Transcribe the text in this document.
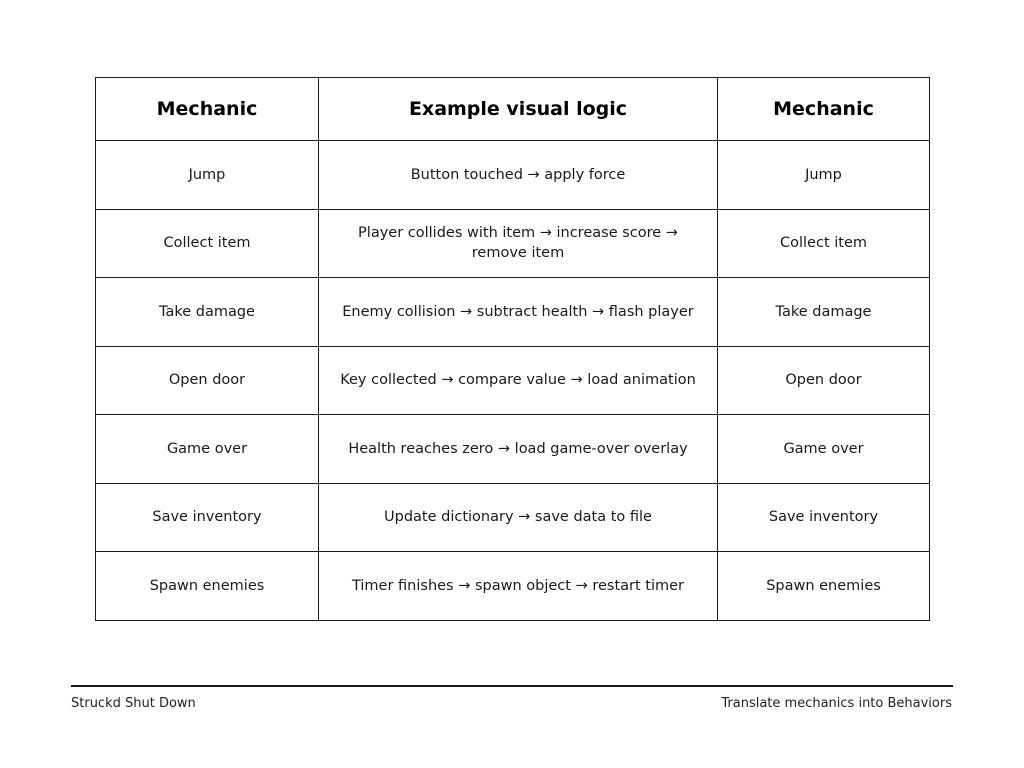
Mechanic	Example visual logic	Mechanic
Jump	Button touched → apply force	Jump
Collect item	Player collides with item → increase score → remove item	Collect item
Take damage	Enemy collision → subtract health → flash player	Take damage
Open door	Key collected → compare value → load animation	Open door
Game over	Health reaches zero → load game-over overlay	Game over
Save inventory	Update dictionary → save data to file	Save inventory
Spawn enemies	Timer finishes → spawn object → restart timer	Spawn enemies
Struckd Shut Down	Translate mechanics into Behaviors
